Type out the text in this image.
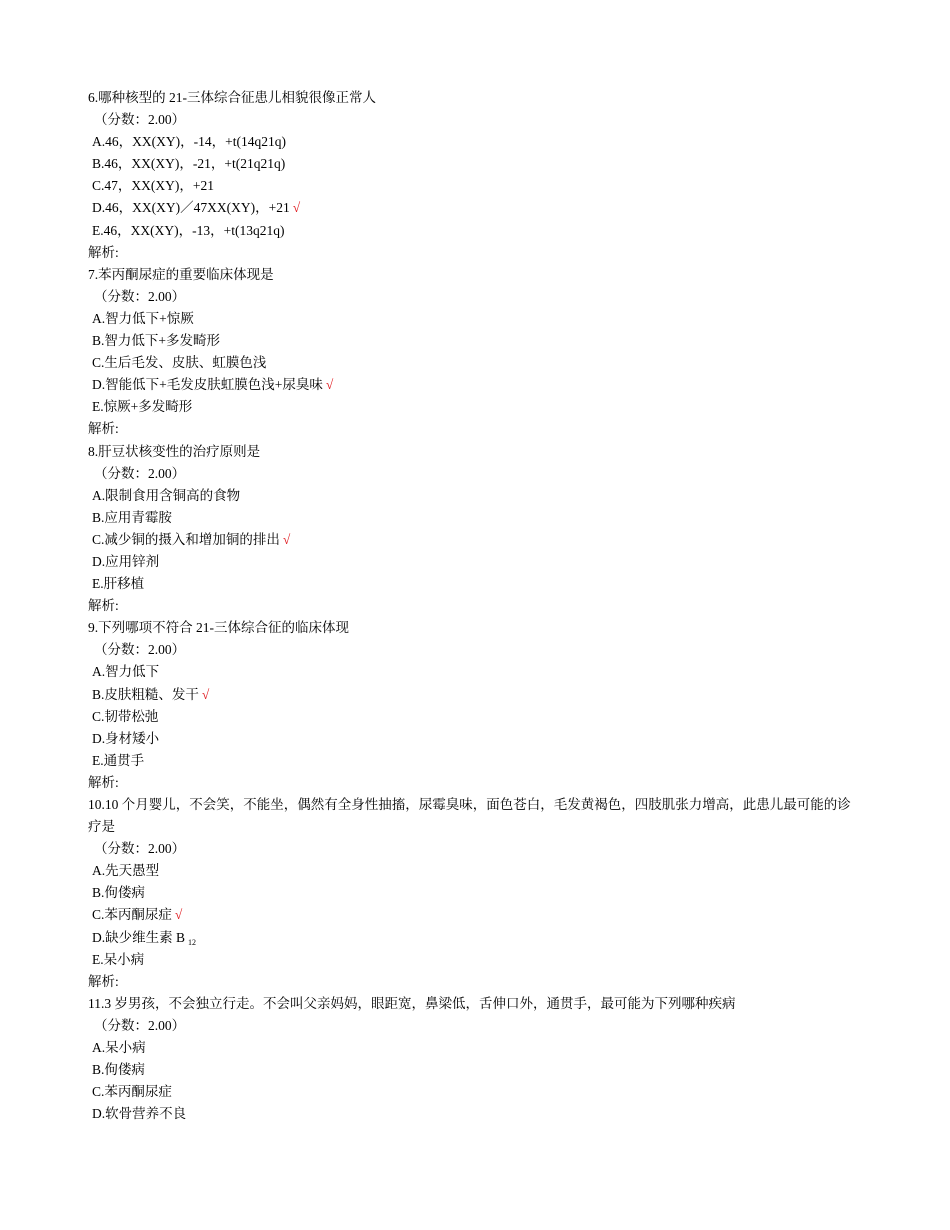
6.哪种核型的 21-三体综合征患儿相貌很像正常人
（分数：2.00）
A.46，XX(XY)，-14，+t(14q21q)
B.46，XX(XY)，-21，+t(21q21q)
C.47，XX(XY)，+21
D.46，XX(XY)／47XX(XY)，+21 √
E.46，XX(XY)，-13，+t(13q21q)
解析:
7.苯丙酮尿症的重要临床体现是
（分数：2.00）
A.智力低下+惊厥
B.智力低下+多发畸形
C.生后毛发、皮肤、虹膜色浅
D.智能低下+毛发皮肤虹膜色浅+尿臭味 √
E.惊厥+多发畸形
解析:
8.肝豆状核变性的治疗原则是
（分数：2.00）
A.限制食用含铜高的食物
B.应用青霉胺
C.减少铜的摄入和增加铜的排出 √
D.应用锌剂
E.肝移植
解析:
9.下列哪项不符合 21-三体综合征的临床体现
（分数：2.00）
A.智力低下
B.皮肤粗糙、发干 √
C.韧带松弛
D.身材矮小
E.通贯手
解析:
10.10 个月婴儿，不会笑，不能坐，偶然有全身性抽搐，尿霉臭味，面色苍白，毛发黄褐色，四肢肌张力增高，此患儿最可能的诊疗是
（分数：2.00）
A.先天愚型
B.佝偻病
C.苯丙酮尿症 √
D.缺少维生素 B $_{12}$
E.呆小病
解析:
11.3 岁男孩，不会独立行走。不会叫父亲妈妈，眼距宽，鼻梁低，舌伸口外，通贯手，最可能为下列哪种疾病
（分数：2.00）
A.呆小病
B.佝偻病
C.苯丙酮尿症
D.软骨营养不良
